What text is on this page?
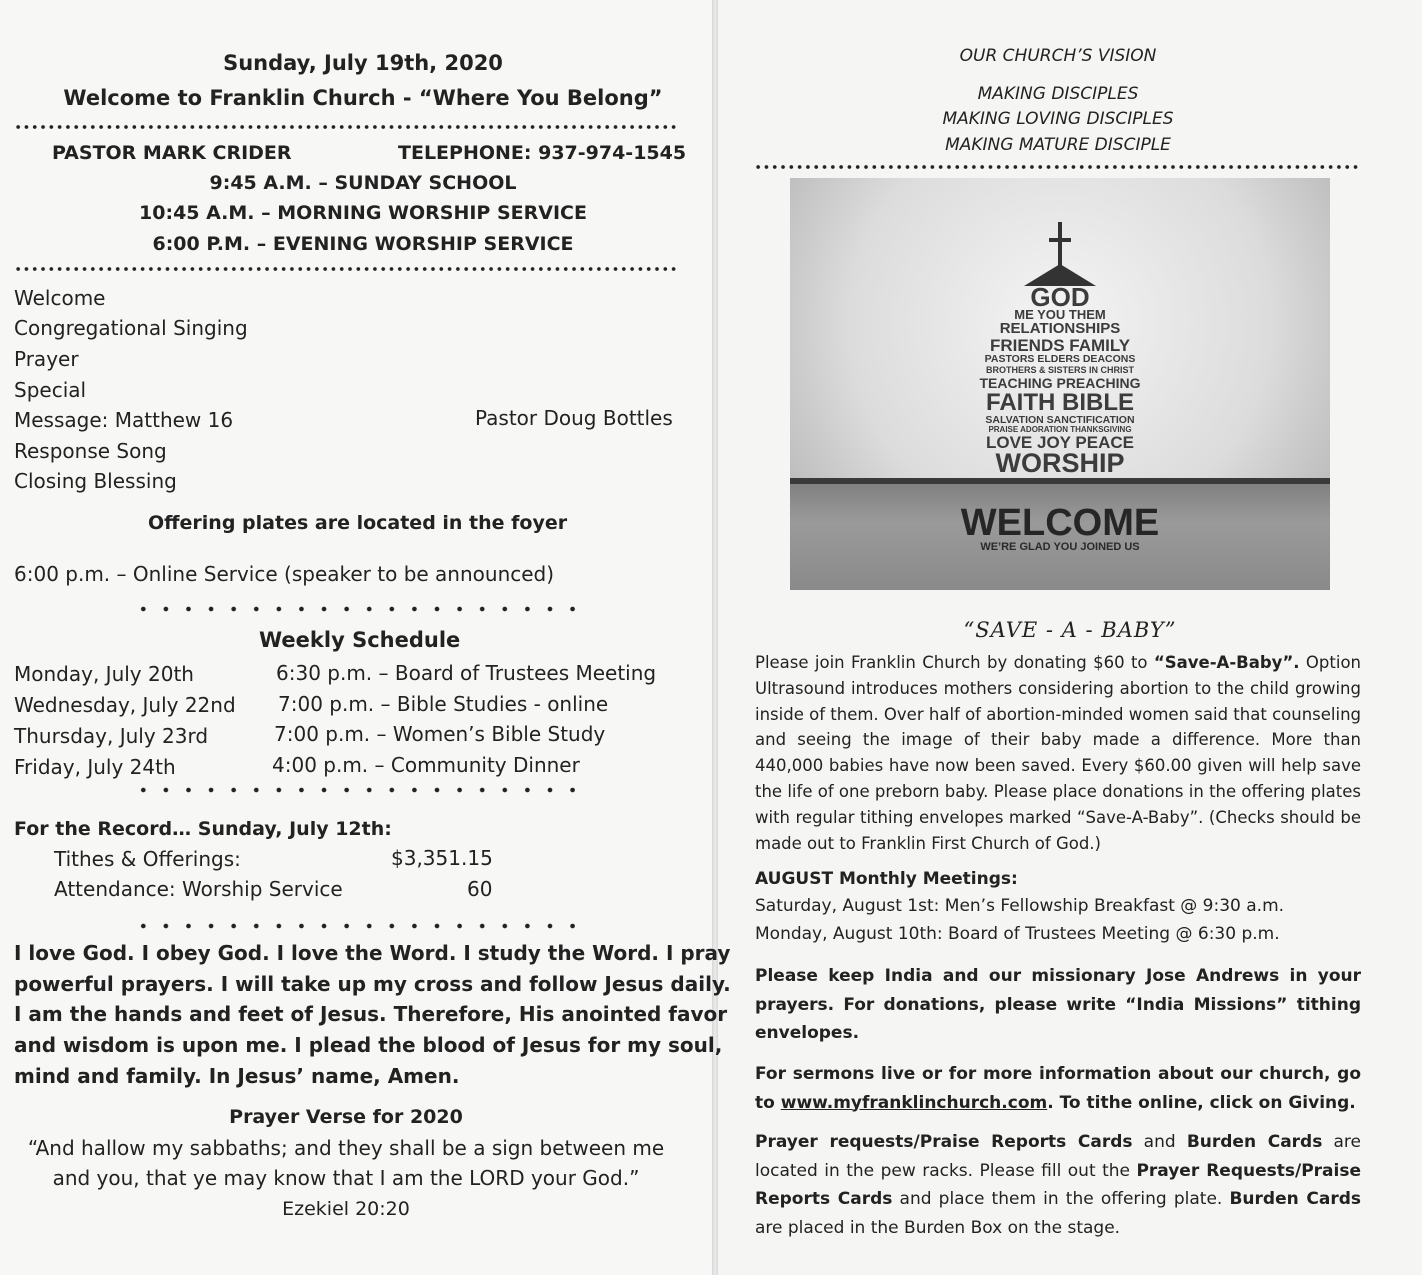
Sunday, July 19th, 2020
Welcome to Franklin Church - “Where You Belong”
PASTOR MARK CRIDER	TELEPHONE: 937-974-1545
9:45 A.M. – SUNDAY SCHOOL
10:45 A.M. – MORNING WORSHIP SERVICE
6:00 P.M. – EVENING WORSHIP SERVICE
Welcome
Congregational Singing
Prayer
Special
Message: Matthew 16	Pastor Doug Bottles
Response Song
Closing Blessing
Offering plates are located in the foyer
6:00 p.m. – Online Service (speaker to be announced)
Weekly Schedule
Monday, July 20th	6:30 p.m. – Board of Trustees Meeting
Wednesday, July 22nd 7:00 p.m. – Bible Studies - online
Thursday, July 23rd	7:00 p.m. – Women’s Bible Study
Friday, July 24th	4:00 p.m. – Community Dinner
For the Record… Sunday, July 12th:
Tithes & Offerings:	$3,351.15
Attendance: Worship Service	60
I love God. I obey God. I love the Word. I study the Word. I pray
powerful prayers. I will take up my cross and follow Jesus daily.
I am the hands and feet of Jesus. Therefore, His anointed favor
and wisdom is upon me. I plead the blood of Jesus for my soul,
mind and family. In Jesus’ name, Amen.
Prayer Verse for 2020
“And hallow my sabbaths; and they shall be a sign between me
and you, that ye may know that I am the LORD your God.”
Ezekiel 20:20
OUR CHURCH’S VISION
MAKING DISCIPLES
MAKING LOVING DISCIPLES
MAKING MATURE DISCIPLE
GOD
ME YOU THEM
RELATIONSHIPS
FRIENDS FAMILY
PASTORS ELDERS DEACONS
BROTHERS & SISTERS IN CHRIST
TEACHING PREACHING
FAITH BIBLE
SALVATION SANCTIFICATION
PRAISE ADORATION THANKSGIVING
LOVE JOY PEACE
WORSHIP
WELCOME
WE’RE GLAD YOU JOINED US
“SAVE - A - BABY”
Please join Franklin Church by donating $60 to “Save-A-Baby”. Option Ultrasound introduces mothers considering abortion to the child growing inside of them. Over half of abortion-minded women said that counseling and seeing the image of their baby made a difference. More than 440,000 babies have now been saved. Every $60.00 given will help save the life of one preborn baby. Please place donations in the offering plates with regular tithing envelopes marked “Save-A-Baby”. (Checks should be made out to Franklin First Church of God.)
AUGUST Monthly Meetings:
Saturday, August 1st: Men’s Fellowship Breakfast @ 9:30 a.m.
Monday, August 10th: Board of Trustees Meeting @ 6:30 p.m.
Please keep India and our missionary Jose Andrews in your prayers. For donations, please write “India Missions” tithing envelopes.
For sermons live or for more information about our church, go to www.myfranklinchurch.com. To tithe online, click on Giving.
Prayer requests/Praise Reports Cards and Burden Cards are located in the pew racks. Please fill out the Prayer Requests/Praise Reports Cards and place them in the offering plate. Burden Cards are placed in the Burden Box on the stage.
